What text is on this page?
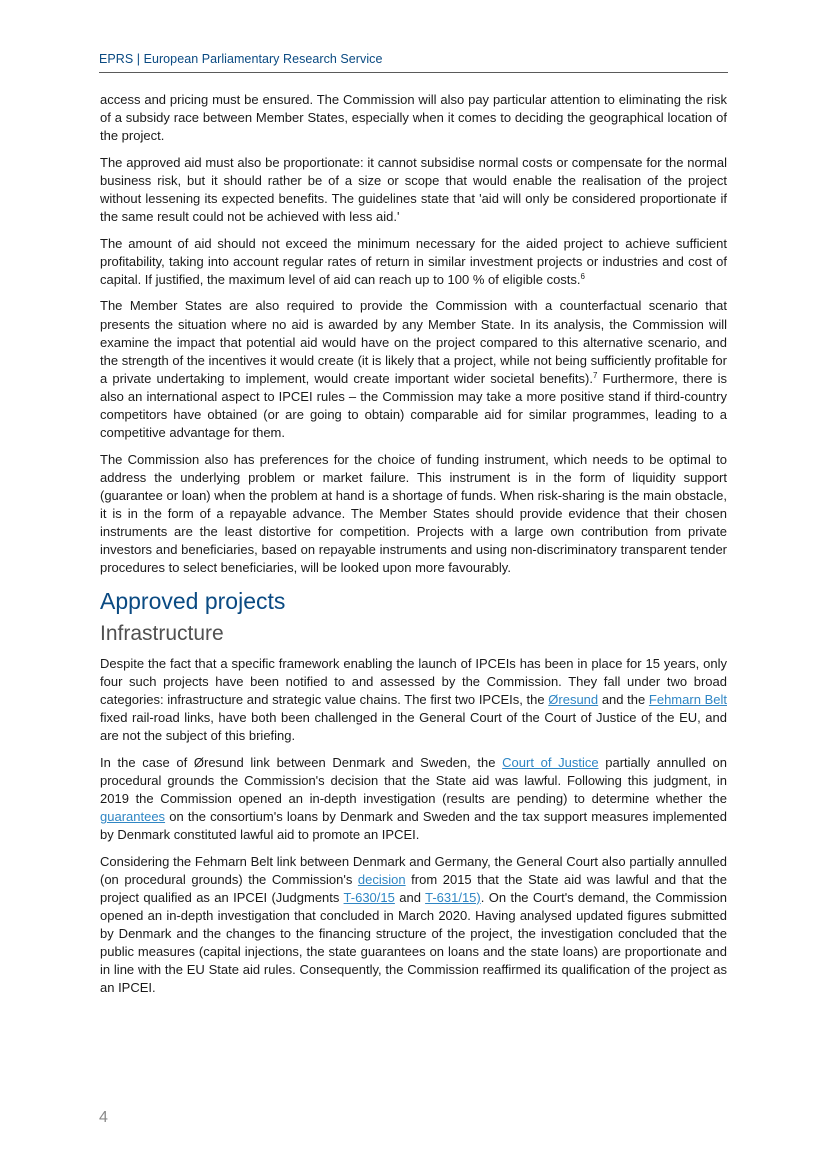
EPRS | European Parliamentary Research Service

access and pricing must be ensured. The Commission will also pay particular attention to eliminating the risk of a subsidy race between Member States, especially when it comes to deciding the geographical location of the project.

The approved aid must also be proportionate: it cannot subsidise normal costs or compensate for the normal business risk, but it should rather be of a size or scope that would enable the realisation of the project without lessening its expected benefits. The guidelines state that 'aid will only be considered proportionate if the same result could not be achieved with less aid.'

The amount of aid should not exceed the minimum necessary for the aided project to achieve sufficient profitability, taking into account regular rates of return in similar investment projects or industries and cost of capital. If justified, the maximum level of aid can reach up to 100 % of eligible costs.$^6$

The Member States are also required to provide the Commission with a counterfactual scenario that presents the situation where no aid is awarded by any Member State. In its analysis, the Commission will examine the impact that potential aid would have on the project compared to this alternative scenario, and the strength of the incentives it would create (it is likely that a project, while not being sufficiently profitable for a private undertaking to implement, would create important wider societal benefits).$^7$ Furthermore, there is also an international aspect to IPCEI rules – the Commission may take a more positive stand if third-country competitors have obtained (or are going to obtain) comparable aid for similar programmes, leading to a competitive advantage for them.

The Commission also has preferences for the choice of funding instrument, which needs to be optimal to address the underlying problem or market failure. This instrument is in the form of liquidity support (guarantee or loan) when the problem at hand is a shortage of funds. When risk-sharing is the main obstacle, it is in the form of a repayable advance. The Member States should provide evidence that their chosen instruments are the least distortive for competition. Projects with a large own contribution from private investors and beneficiaries, based on repayable instruments and using non-discriminatory transparent tender procedures to select beneficiaries, will be looked upon more favourably.

Approved projects
Infrastructure

Despite the fact that a specific framework enabling the launch of IPCEIs has been in place for 15 years, only four such projects have been notified to and assessed by the Commission. They fall under two broad categories: infrastructure and strategic value chains. The first two IPCEIs, the Øresund and the Fehmarn Belt fixed rail-road links, have both been challenged in the General Court of the Court of Justice of the EU, and are not the subject of this briefing.

In the case of Øresund link between Denmark and Sweden, the Court of Justice partially annulled on procedural grounds the Commission's decision that the State aid was lawful. Following this judgment, in 2019 the Commission opened an in-depth investigation (results are pending) to determine whether the guarantees on the consortium's loans by Denmark and Sweden and the tax support measures implemented by Denmark constituted lawful aid to promote an IPCEI.

Considering the Fehmarn Belt link between Denmark and Germany, the General Court also partially annulled (on procedural grounds) the Commission's decision from 2015 that the State aid was lawful and that the project qualified as an IPCEI (Judgments T-630/15 and T-631/15). On the Court's demand, the Commission opened an in-depth investigation that concluded in March 2020. Having analysed updated figures submitted by Denmark and the changes to the financing structure of the project, the investigation concluded that the public measures (capital injections, the state guarantees on loans and the state loans) are proportionate and in line with the EU State aid rules. Consequently, the Commission reaffirmed its qualification of the project as an IPCEI.

4
